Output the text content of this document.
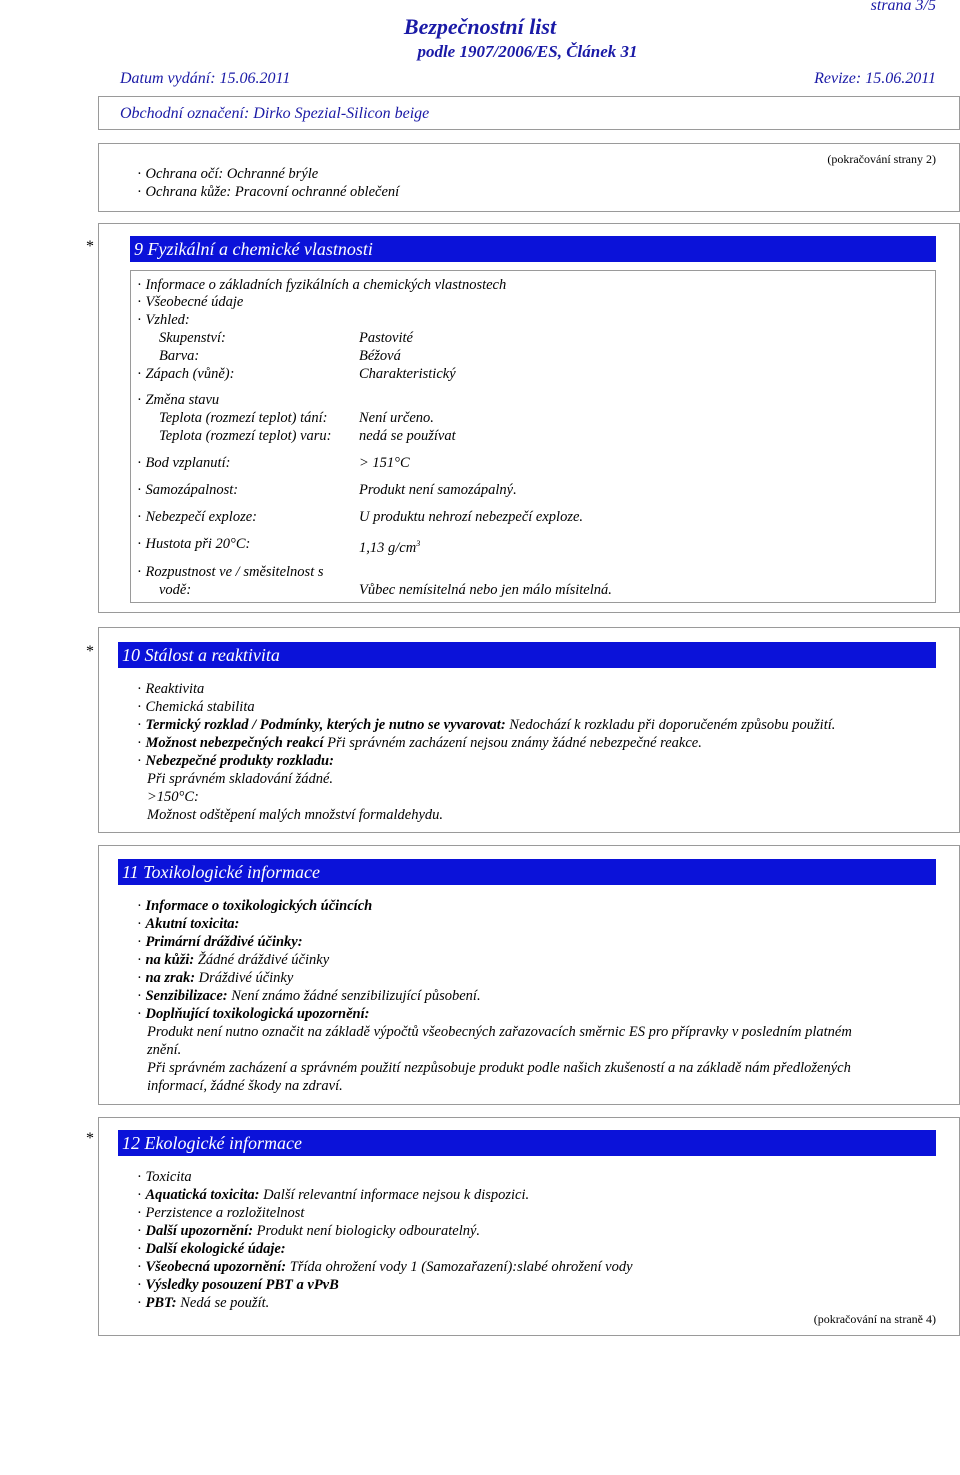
strana 3/5
Bezpečnostní list
podle 1907/2006/ES, Článek 31
Datum vydání: 15.06.2011	Revize: 15.06.2011
Obchodní označení: Dirko Spezial-Silicon beige
(pokračování strany 2)
· Ochrana očí: Ochranné brýle
· Ochrana kůže: Pracovní ochranné oblečení
* 9 Fyzikální a chemické vlastnosti
· Informace o základních fyzikálních a chemických vlastnostech
· Všeobecné údaje
· Vzhled:
Skupenství:	Pastovité
Barva:	Béžová
· Zápach (vůně):	Charakteristický
· Změna stavu
Teplota (rozmezí teplot) tání: Není určeno.
Teplota (rozmezí teplot) varu: nedá se používat
· Bod vzplanutí:	> 151°C
· Samozápalnost:	Produkt není samozápalný.
· Nebezpečí exploze:	U produktu nehrozí nebezpečí exploze.
· Hustota při 20°C:	1,13 $g/cm^3$
· Rozpustnost ve / směsitelnost s
vodě:	Vůbec nemísitelná nebo jen málo mísitelná.
* 10 Stálost a reaktivita
· Reaktivita
· Chemická stabilita
· Termický rozklad / Podmínky, kterých je nutno se vyvarovat: Nedochází k rozkladu při doporučeném způsobu použití.
· Možnost nebezpečných reakcí Při správném zacházení nejsou známy žádné nebezpečné reakce.
· Nebezpečné produkty rozkladu:
Při správném skladování žádné.
>150°C:
Možnost odštěpení malých množství formaldehydu.
11 Toxikologické informace
· Informace o toxikologických účincích
· Akutní toxicita:
· Primární dráždivé účinky:
· na kůži: Žádné dráždivé účinky
· na zrak: Dráždivé účinky
· Senzibilizace: Není známo žádné senzibilizující působení.
· Doplňující toxikologická upozornění:
Produkt není nutno označit na základě výpočtů všeobecných zařazovacích směrnic ES pro přípravky v posledním platném
znění.
Při správném zacházení a správném použití nezpůsobuje produkt podle našich zkušeností a na základě nám předložených
informací, žádné škody na zdraví.
* 12 Ekologické informace
· Toxicita
· Aquatická toxicita: Další relevantní informace nejsou k dispozici.
· Perzistence a rozložitelnost
· Další upozornění: Produkt není biologicky odbouratelný.
· Další ekologické údaje:
· Všeobecná upozornění: Třída ohrožení vody 1 (Samozařazení):slabé ohrožení vody
· Výsledky posouzení PBT a vPvB
· PBT: Nedá se použít.
(pokračování na straně 4)
